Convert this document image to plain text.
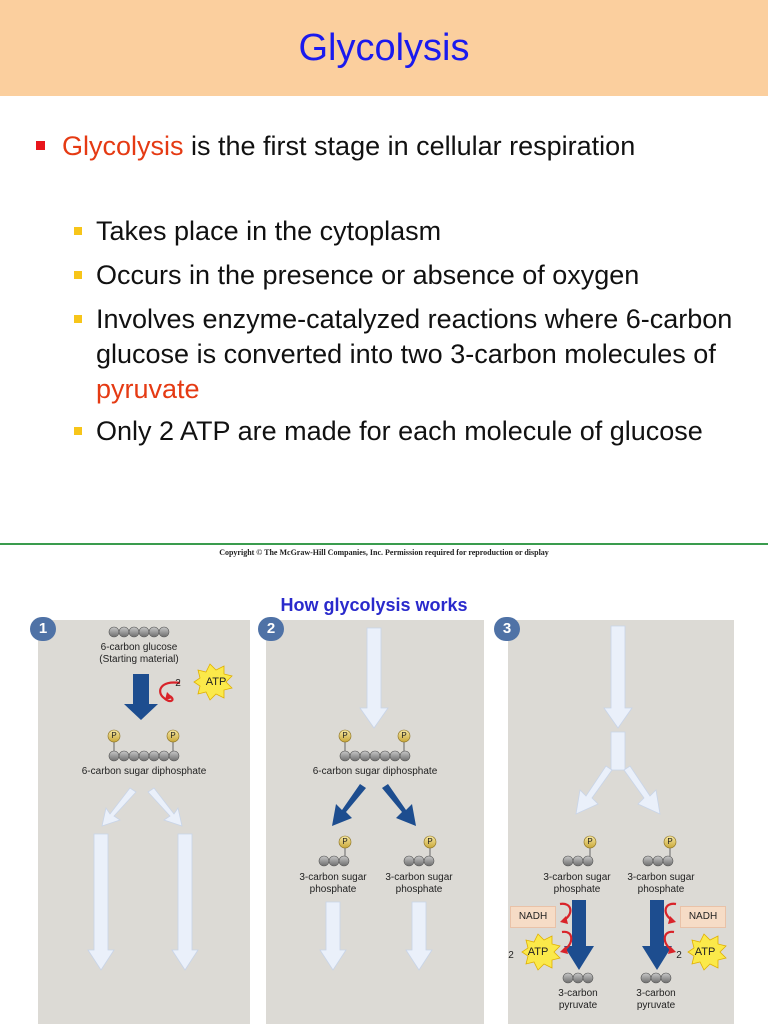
Glycolysis
Glycolysis is the first stage in cellular respiration
Takes place in the cytoplasm
Occurs in the presence or absence of oxygen
Involves enzyme-catalyzed reactions where 6-carbon glucose is converted into two 3-carbon molecules of pyruvate
Only 2 ATP are made for each molecule of glucose
Copyright © The McGraw-Hill Companies, Inc. Permission required for reproduction or display
How glycolysis works
1
6-carbon glucose
(Starting material)
2	ATP
P	P
6-carbon sugar diphosphate
2
P	P
6-carbon sugar diphosphate
P	P
3-carbon sugar
phosphate
3-carbon sugar
phosphate
3
P	P
3-carbon sugar
phosphate
3-carbon sugar
phosphate
NADH	NADH
2	ATP	2	ATP
3-carbon
pyruvate
3-carbon
pyruvate
